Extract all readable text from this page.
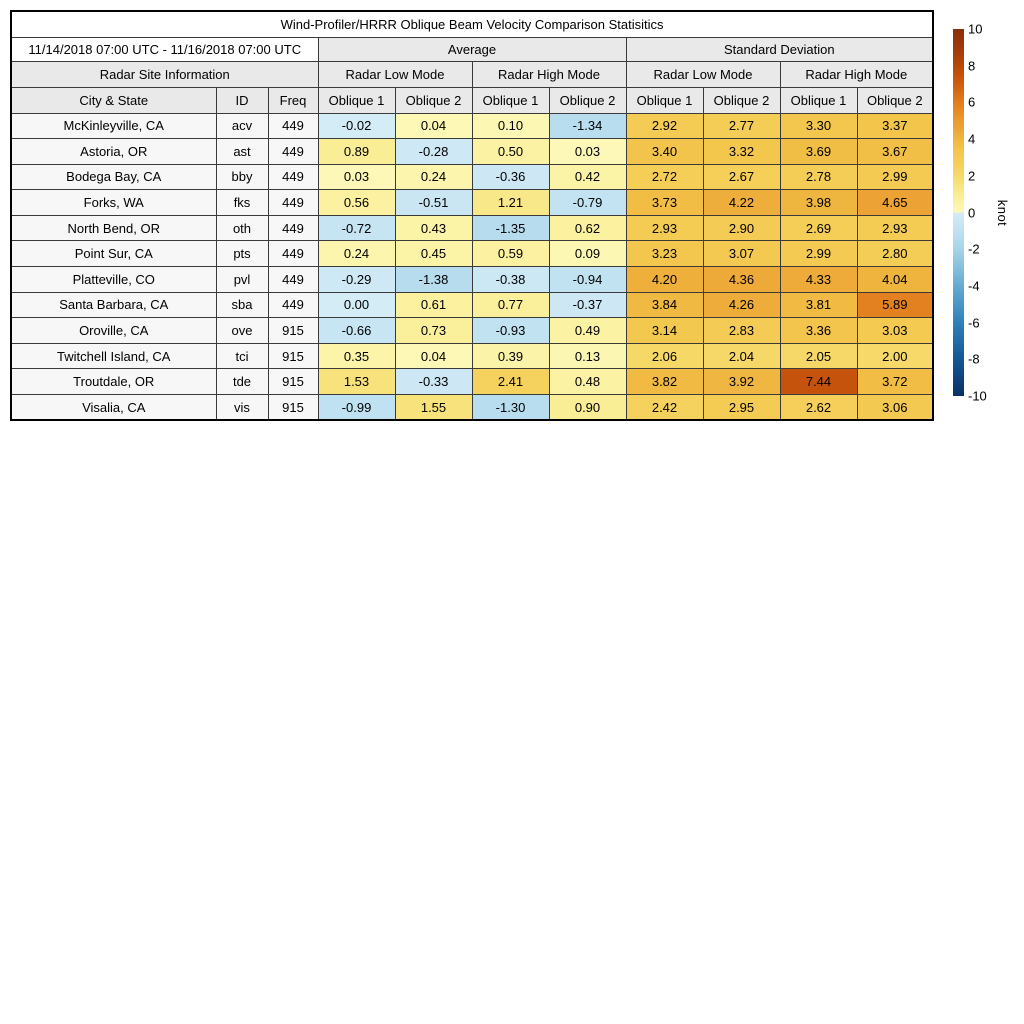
Wind-Profiler/HRRR Oblique Beam Velocity Comparison Statisitics										
11/14/2018 07:00 UTC - 11/16/2018 07:00 UTC			Average				Standard Deviation			
Radar Site Information			Radar Low Mode		Radar High Mode		Radar Low Mode		Radar High Mode	
City & State	ID	Freq	Oblique 1	Oblique 2	Oblique 1	Oblique 2	Oblique 1	Oblique 2	Oblique 1	Oblique 2
McKinleyville, CA	acv	449	-0.02	0.04	0.10	-1.34	2.92	2.77	3.30	3.37
Astoria, OR	ast	449	0.89	-0.28	0.50	0.03	3.40	3.32	3.69	3.67
Bodega Bay, CA	bby	449	0.03	0.24	-0.36	0.42	2.72	2.67	2.78	2.99
Forks, WA	fks	449	0.56	-0.51	1.21	-0.79	3.73	4.22	3.98	4.65
North Bend, OR	oth	449	-0.72	0.43	-1.35	0.62	2.93	2.90	2.69	2.93
Point Sur, CA	pts	449	0.24	0.45	0.59	0.09	3.23	3.07	2.99	2.80
Platteville, CO	pvl	449	-0.29	-1.38	-0.38	-0.94	4.20	4.36	4.33	4.04
Santa Barbara, CA	sba	449	0.00	0.61	0.77	-0.37	3.84	4.26	3.81	5.89
Oroville, CA	ove	915	-0.66	0.73	-0.93	0.49	3.14	2.83	3.36	3.03
Twitchell Island, CA	tci	915	0.35	0.04	0.39	0.13	2.06	2.04	2.05	2.00
Troutdale, OR	tde	915	1.53	-0.33	2.41	0.48	3.82	3.92	7.44	3.72
Visalia, CA	vis	915	-0.99	1.55	-1.30	0.90	2.42	2.95	2.62	3.06
10
8
6
4
2
0
-2
-4
-6
-8
-10
knot
